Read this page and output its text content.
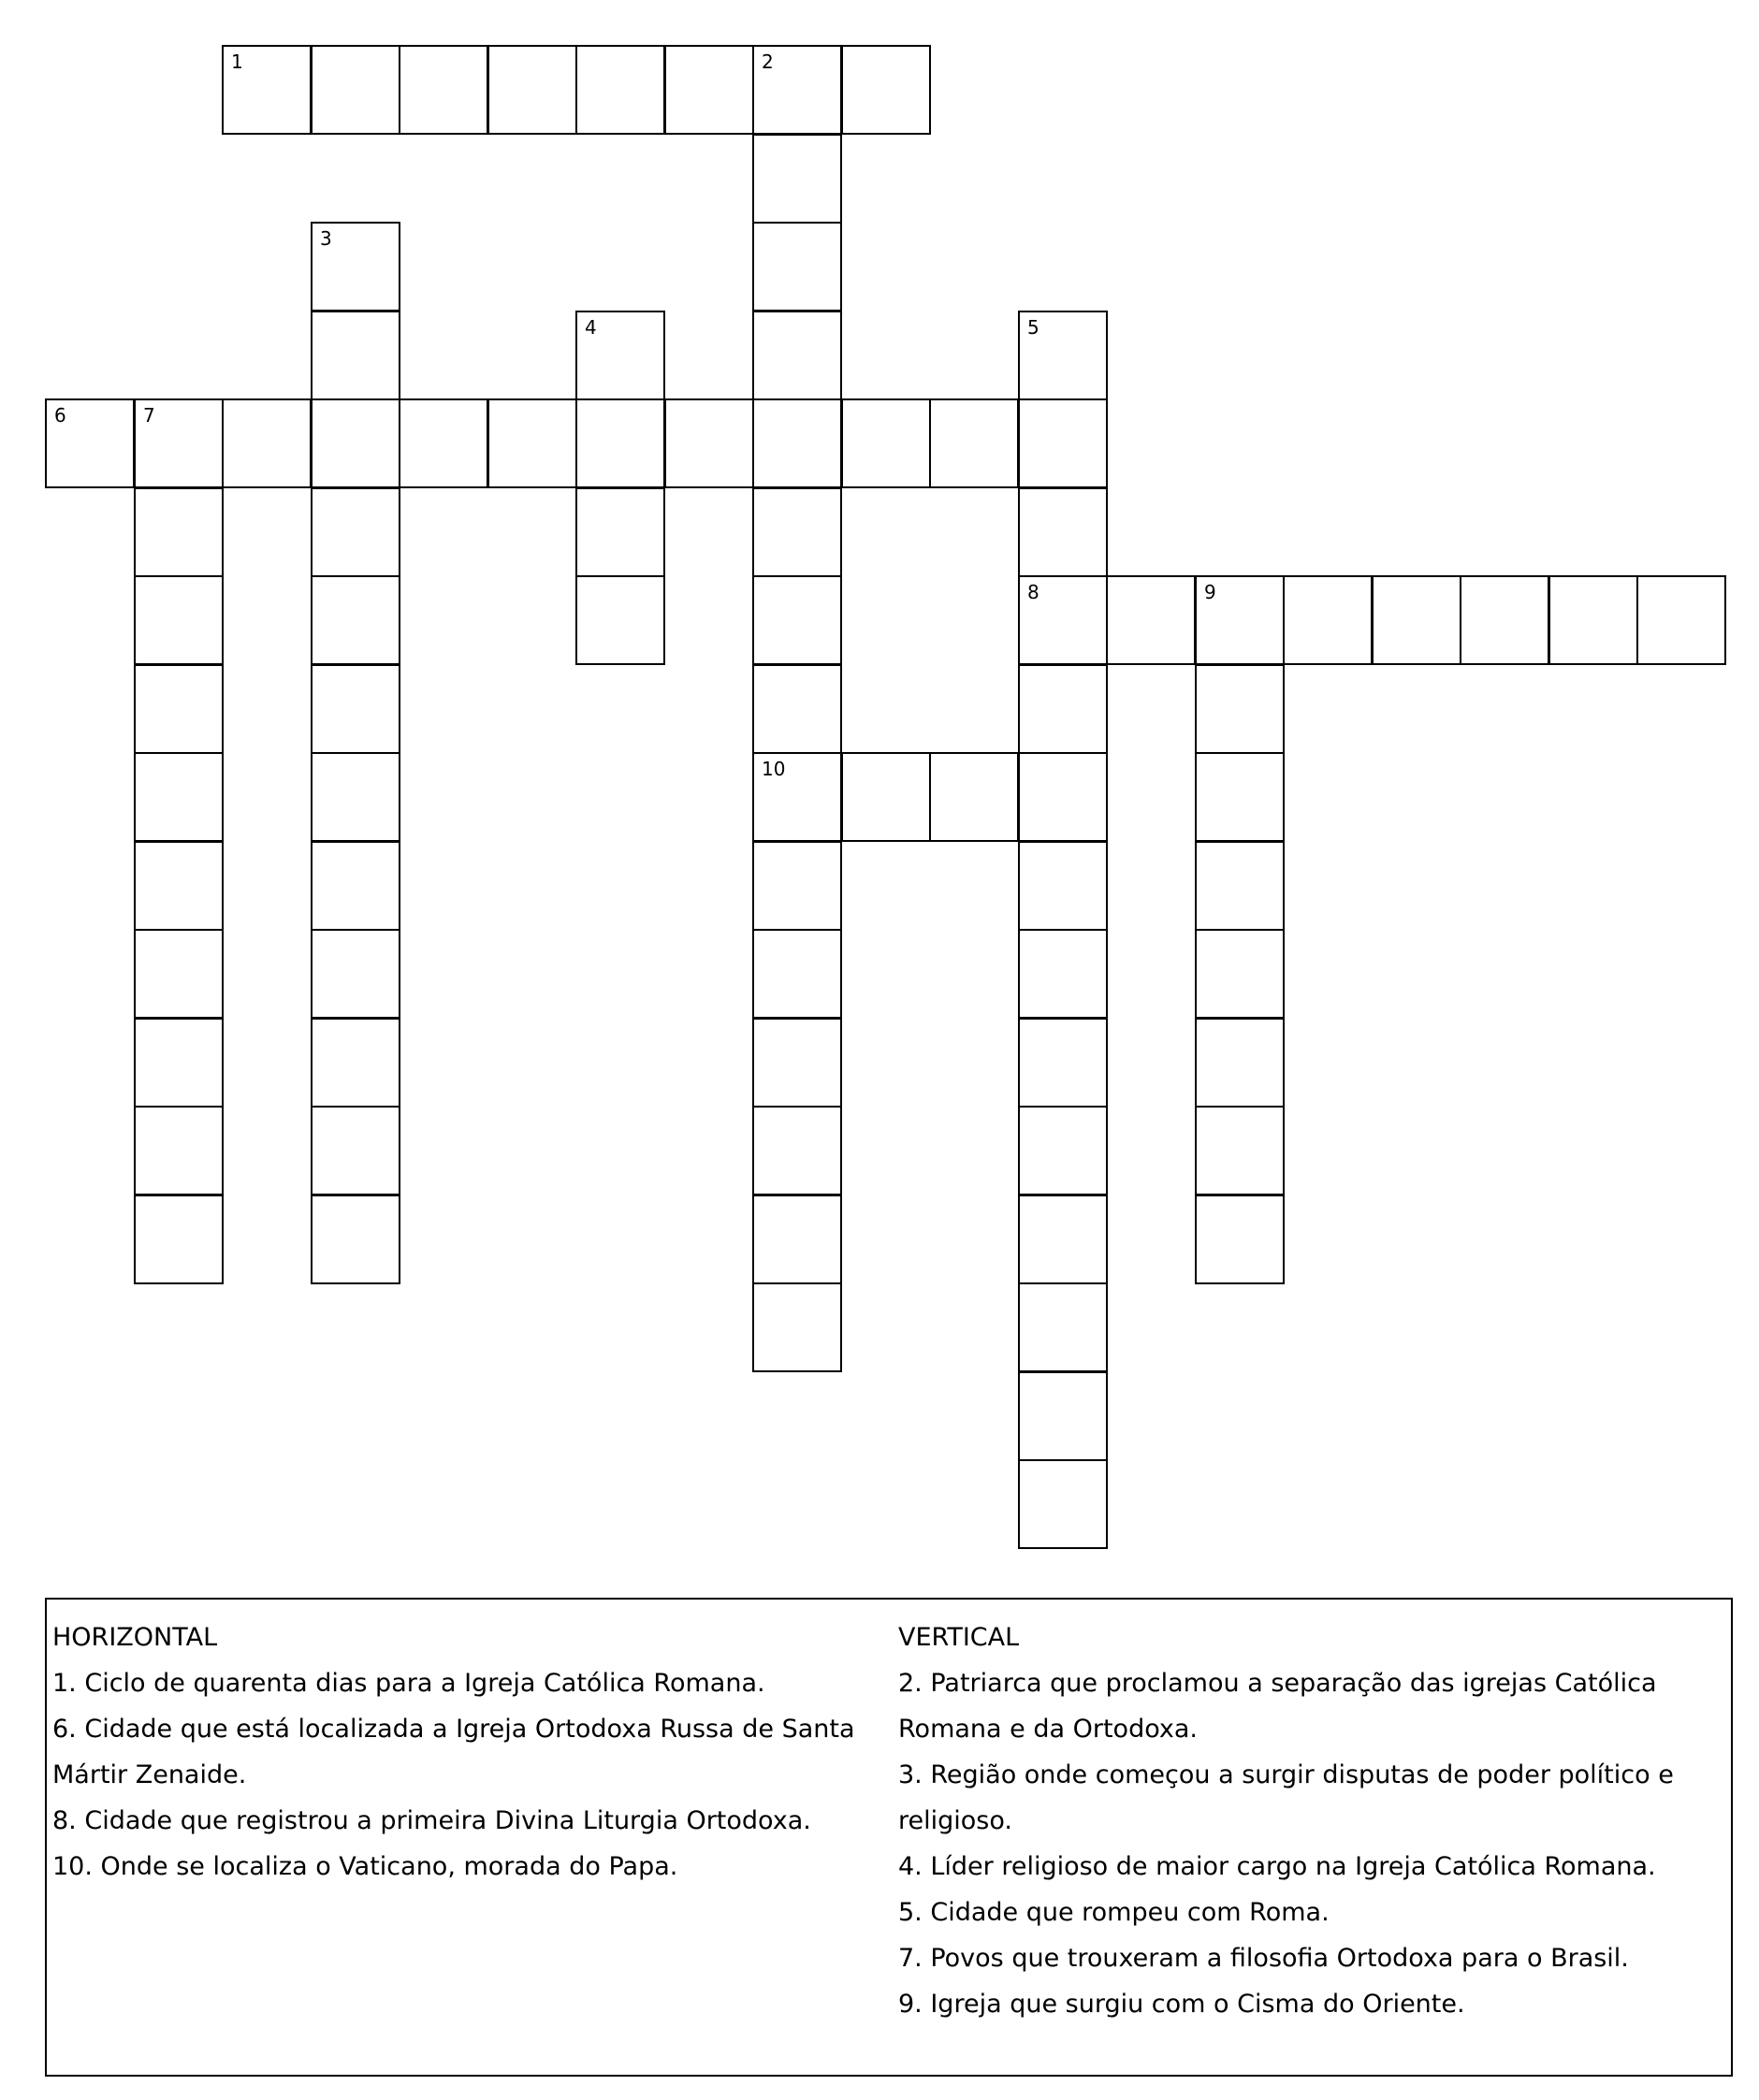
1	2
3
4	5
6	7
8	9
10
HORIZONTAL
1. Ciclo de quarenta dias para a Igreja Católica Romana.
6. Cidade que está localizada a Igreja Ortodoxa Russa de Santa
Mártir Zenaide.
8. Cidade que registrou a primeira Divina Liturgia Ortodoxa.
10. Onde se localiza o Vaticano, morada do Papa.
VERTICAL
2. Patriarca que proclamou a separação das igrejas Católica
Romana e da Ortodoxa.
3. Região onde começou a surgir disputas de poder político e
religioso.
4. Líder religioso de maior cargo na Igreja Católica Romana.
5. Cidade que rompeu com Roma.
7. Povos que trouxeram a filosofia Ortodoxa para o Brasil.
9. Igreja que surgiu com o Cisma do Oriente.
